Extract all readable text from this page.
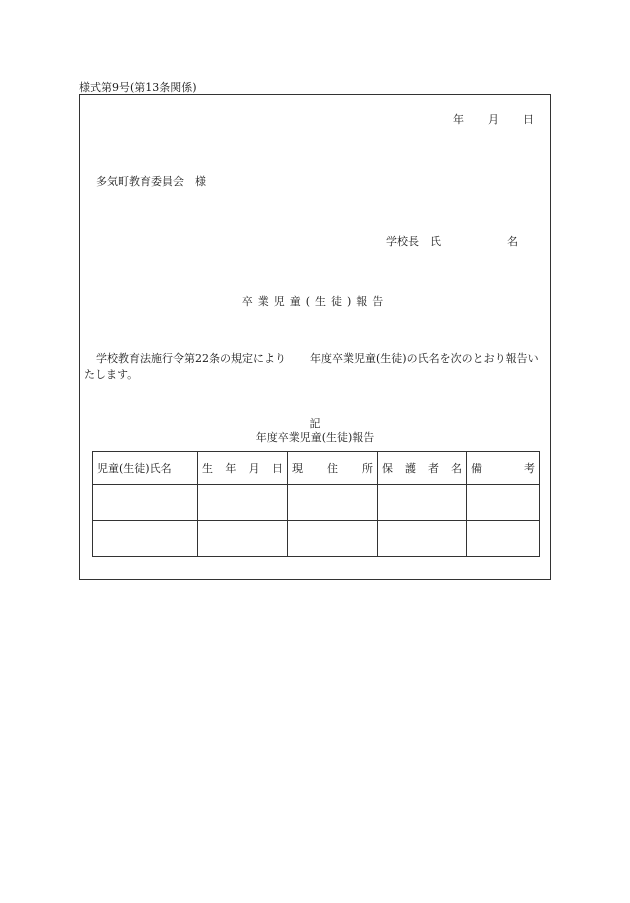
様式第9号(第13条関係)
年 月 日
多気町教育委員会　様
学校長　氏	名
卒業児童(生徒)報告
学校教育法施行令第22条の規定により 年度卒業児童(生徒)の氏名を次のとおり報告いたします。
記
年度卒業児童(生徒)報告
児童(生徒)氏名	生 年 月 日	現 住 所	保 護 者 名	備 考
